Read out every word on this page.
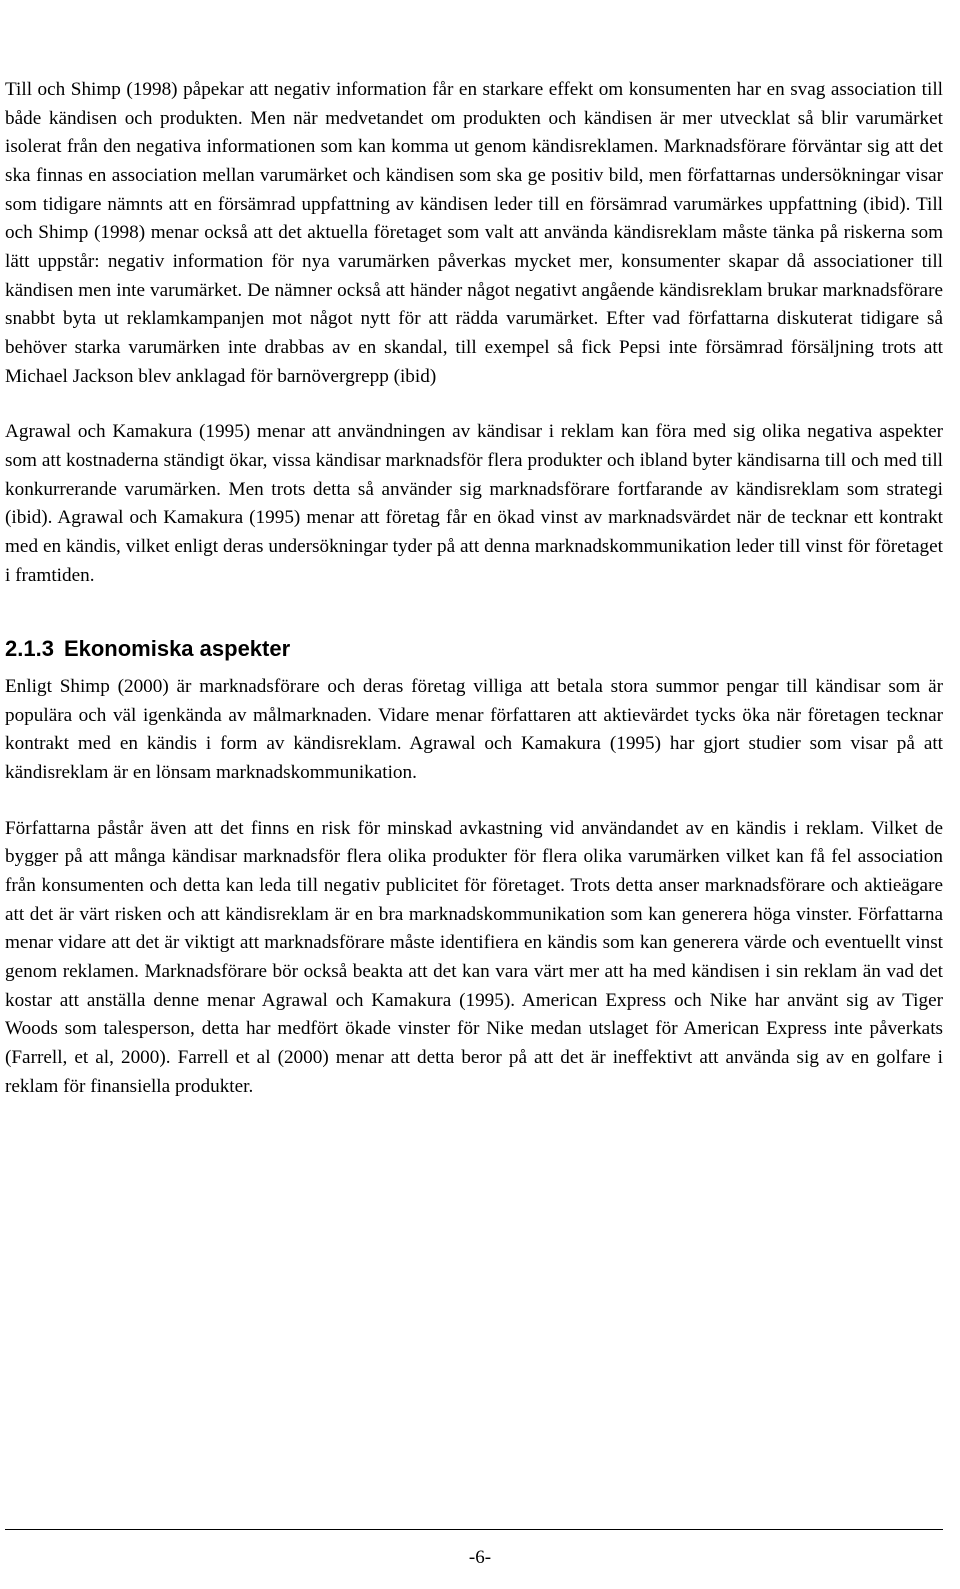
Till och Shimp (1998) påpekar att negativ information får en starkare effekt om konsumenten har en svag association till både kändisen och produkten. Men när medvetandet om produkten och kändisen är mer utvecklat så blir varumärket isolerat från den negativa informationen som kan komma ut genom kändisreklamen. Marknadsförare förväntar sig att det ska finnas en association mellan varumärket och kändisen som ska ge positiv bild, men författarnas undersökningar visar som tidigare nämnts att en försämrad uppfattning av kändisen leder till en försämrad varumärkes uppfattning (ibid). Till och Shimp (1998) menar också att det aktuella företaget som valt att använda kändisreklam måste tänka på riskerna som lätt uppstår: negativ information för nya varumärken påverkas mycket mer, konsumenter skapar då associationer till kändisen men inte varumärket. De nämner också att händer något negativt angående kändisreklam brukar marknadsförare snabbt byta ut reklamkampanjen mot något nytt för att rädda varumärket. Efter vad författarna diskuterat tidigare så behöver starka varumärken inte drabbas av en skandal, till exempel så fick Pepsi inte försämrad försäljning trots att Michael Jackson blev anklagad för barnövergrepp (ibid)

Agrawal och Kamakura (1995) menar att användningen av kändisar i reklam kan föra med sig olika negativa aspekter som att kostnaderna ständigt ökar, vissa kändisar marknadsför flera produkter och ibland byter kändisarna till och med till konkurrerande varumärken. Men trots detta så använder sig marknadsförare fortfarande av kändisreklam som strategi (ibid). Agrawal och Kamakura (1995) menar att företag får en ökad vinst av marknadsvärdet när de tecknar ett kontrakt med en kändis, vilket enligt deras undersökningar tyder på att denna marknadskommunikation leder till vinst för företaget i framtiden.

2.1.3 Ekonomiska aspekter

Enligt Shimp (2000) är marknadsförare och deras företag villiga att betala stora summor pengar till kändisar som är populära och väl igenkända av målmarknaden. Vidare menar författaren att aktievärdet tycks öka när företagen tecknar kontrakt med en kändis i form av kändisreklam. Agrawal och Kamakura (1995) har gjort studier som visar på att kändisreklam är en lönsam marknadskommunikation.

Författarna påstår även att det finns en risk för minskad avkastning vid användandet av en kändis i reklam. Vilket de bygger på att många kändisar marknadsför flera olika produkter för flera olika varumärken vilket kan få fel association från konsumenten och detta kan leda till negativ publicitet för företaget. Trots detta anser marknadsförare och aktieägare att det är värt risken och att kändisreklam är en bra marknadskommunikation som kan generera höga vinster. Författarna menar vidare att det är viktigt att marknadsförare måste identifiera en kändis som kan generera värde och eventuellt vinst genom reklamen. Marknadsförare bör också beakta att det kan vara värt mer att ha med kändisen i sin reklam än vad det kostar att anställa denne menar Agrawal och Kamakura (1995). American Express och Nike har använt sig av Tiger Woods som talesperson, detta har medfört ökade vinster för Nike medan utslaget för American Express inte påverkats (Farrell, et al, 2000). Farrell et al (2000) menar att detta beror på att det är ineffektivt att använda sig av en golfare i reklam för finansiella produkter.

-6-
